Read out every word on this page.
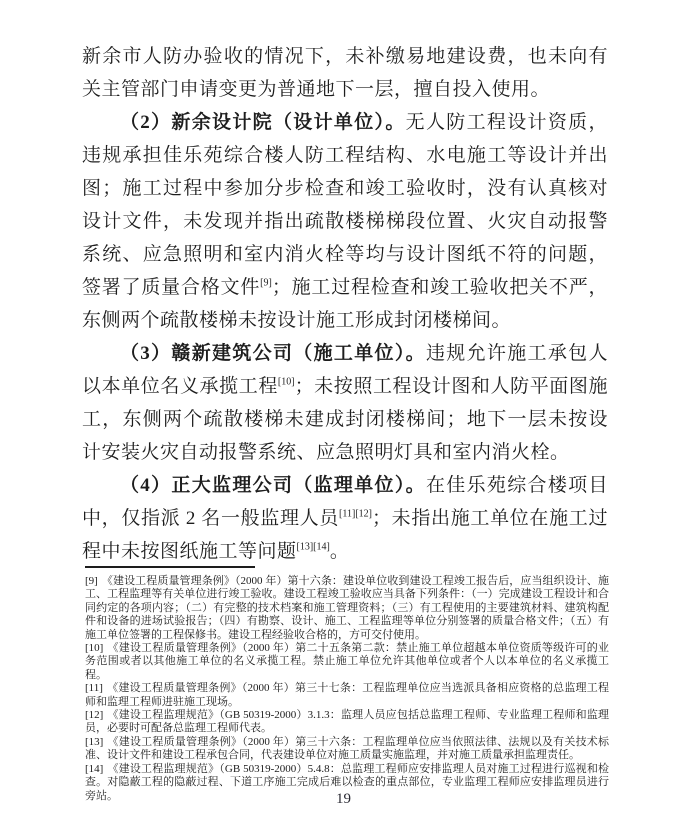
新余市人防办验收的情况下，未补缴易地建设费，也未向有关主管部门申请变更为普通地下一层，擅自投入使用。

（2）新余设计院（设计单位）。无人防工程设计资质，违规承担佳乐苑综合楼人防工程结构、水电施工等设计并出图；施工过程中参加分步检查和竣工验收时，没有认真核对设计文件，未发现并指出疏散楼梯梯段位置、火灾自动报警系统、应急照明和室内消火栓等均与设计图纸不符的问题，签署了质量合格文件[9]；施工过程检查和竣工验收把关不严，东侧两个疏散楼梯未按设计施工形成封闭楼梯间。

（3）赣新建筑公司（施工单位）。违规允许施工承包人以本单位名义承揽工程[10]；未按照工程设计图和人防平面图施工，东侧两个疏散楼梯未建成封闭楼梯间；地下一层未按设计安装火灾自动报警系统、应急照明灯具和室内消火栓。

（4）正大监理公司（监理单位）。在佳乐苑综合楼项目中，仅指派 2 名一般监理人员[11][12]；未指出施工单位在施工过程中未按图纸施工等问题[13][14]。

[9] 《建设工程质量管理条例》（2000 年）第十六条：建设单位收到建设工程竣工报告后，应当组织设计、施工、工程监理等有关单位进行竣工验收。建设工程竣工验收应当具备下列条件：（一）完成建设工程设计和合同约定的各项内容；（二）有完整的技术档案和施工管理资料；（三）有工程使用的主要建筑材料、建筑构配件和设备的进场试验报告；（四）有勘察、设计、施工、工程监理等单位分别签署的质量合格文件；（五）有施工单位签署的工程保修书。建设工程经验收合格的，方可交付使用。
[10] 《建设工程质量管理条例》（2000 年）第二十五条第二款：禁止施工单位超越本单位资质等级许可的业务范围或者以其他施工单位的名义承揽工程。禁止施工单位允许其他单位或者个人以本单位的名义承揽工程。
[11] 《建设工程质量管理条例》（2000 年）第三十七条：工程监理单位应当选派具备相应资格的总监理工程师和监理工程师进驻施工现场。
[12] 《建设工程监理规范》（GB 50319-2000）3.1.3：监理人员应包括总监理工程师、专业监理工程师和监理员，必要时可配备总监理工程师代表。
[13] 《建设工程质量管理条例》（2000 年）第三十六条：工程监理单位应当依照法律、法规以及有关技术标准、设计文件和建设工程承包合同，代表建设单位对施工质量实施监理，并对施工质量承担监理责任。
[14] 《建设工程监理规范》（GB 50319-2000）5.4.8：总监理工程师应安排监理人员对施工过程进行巡视和检查。对隐蔽工程的隐蔽过程、下道工序施工完成后难以检查的重点部位，专业监理工程师应安排监理员进行旁站。	19
